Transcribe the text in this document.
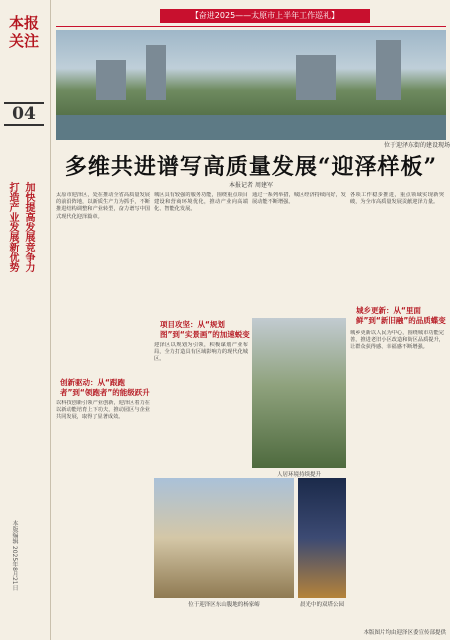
本报关注
04
打造产业发展新优势 加快提高发展竞争力
本版编辑 2025年8月21日
【奋进2025——太原市上半年工作巡礼】
位于迎泽东街的建设现场
多维共进谱写高质量发展“迎泽样板”
本报记者 周建军
太原市迎泽区，处在推动全省高质量发展的前沿阵地，以新质生产力为抓手，不断推进结构调整和产业转型，奋力谱写中国式现代化迎泽篇章。
城区具有较强的服务功能，围绕重点项目建设和营商环境优化，推动产业向高端化、智能化发展。
通过一系列举措，城区经济持续向好，发展动能不断增强。
各项工作稳步推进，重点领域实现新突破，为全市高质量发展贡献迎泽力量。
创新驱动：从“跟跑者”到“领跑者”的能级跃升
项目攻坚：从“规划图”到“实景画”的加速蜕变
城乡更新：从“里面鲜”到“新旧融”的品质蝶变
以科技创新引领产业创新，迎泽区着力在以新动能培育上下功夫，推动园区与企业共同发展，取得了显著成效。
迎泽区以规划为引领，积极谋划产业布局，全力打造具有区域影响力的现代化城区。
城乡更新以人民为中心，围绕城市功能完善，推进老旧小区改造和街区品质提升，让群众获得感、幸福感不断增强。
人居环境持续提升
位于迎泽区东山腹地的杨家峪	晨光中的双塔公园
本版图片均由迎泽区委宣传部提供
